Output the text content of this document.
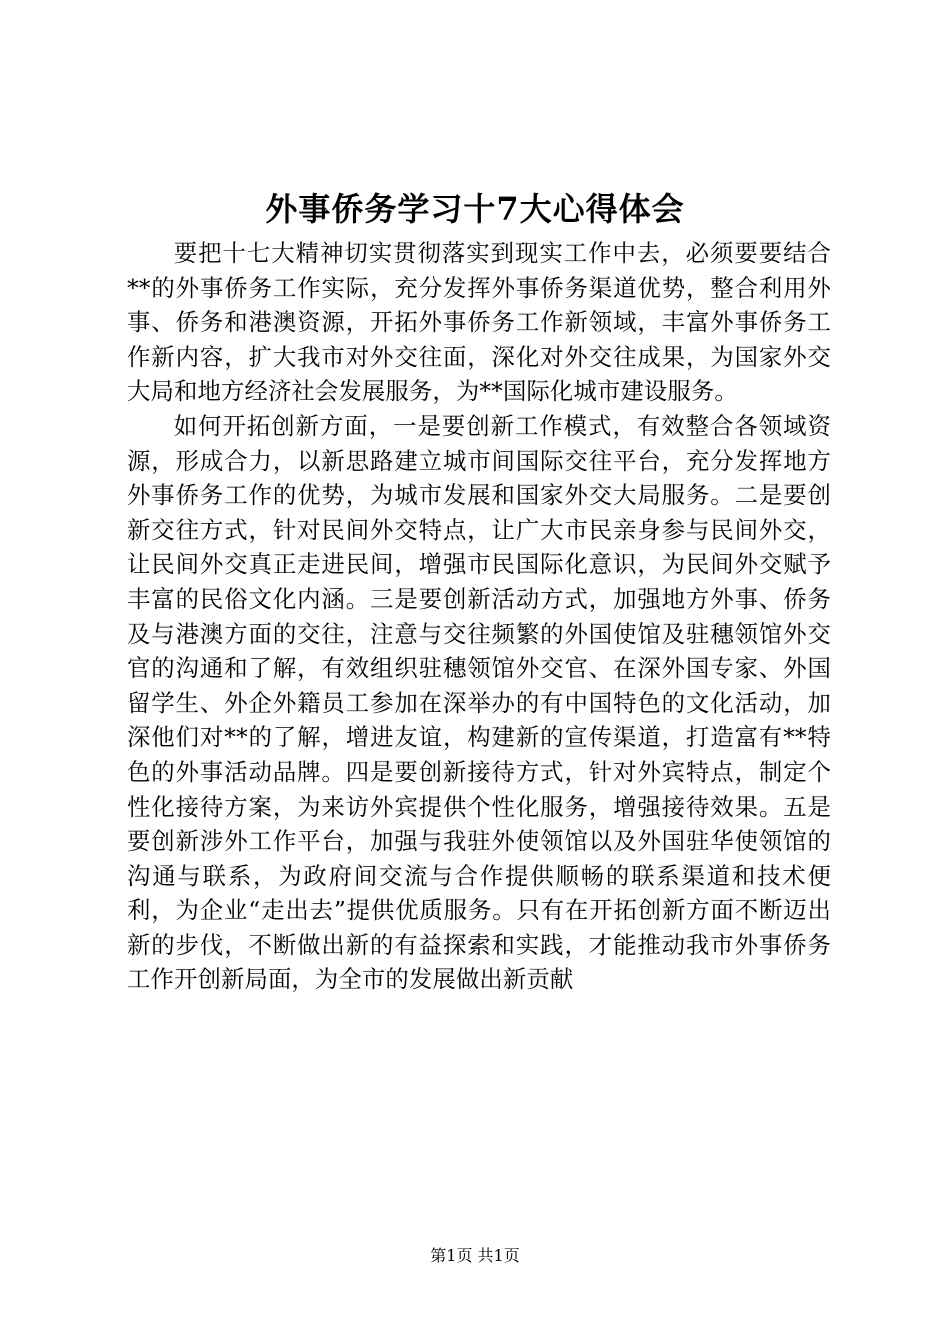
外事侨务学习十7大心得体会

要把十七大精神切实贯彻落实到现实工作中去，必须要要结合**的外事侨务工作实际，充分发挥外事侨务渠道优势，整合利用外事、侨务和港澳资源，开拓外事侨务工作新领域，丰富外事侨务工作新内容，扩大我市对外交往面，深化对外交往成果，为国家外交大局和地方经济社会发展服务，为**国际化城市建设服务。

如何开拓创新方面，一是要创新工作模式，有效整合各领域资源，形成合力，以新思路建立城市间国际交往平台，充分发挥地方外事侨务工作的优势，为城市发展和国家外交大局服务。二是要创新交往方式，针对民间外交特点，让广大市民亲身参与民间外交，让民间外交真正走进民间，增强市民国际化意识，为民间外交赋予丰富的民俗文化内涵。三是要创新活动方式，加强地方外事、侨务及与港澳方面的交往，注意与交往频繁的外国使馆及驻穗领馆外交官的沟通和了解，有效组织驻穗领馆外交官、在深外国专家、外国留学生、外企外籍员工参加在深举办的有中国特色的文化活动，加深他们对**的了解，增进友谊，构建新的宣传渠道，打造富有**特色的外事活动品牌。四是要创新接待方式，针对外宾特点，制定个性化接待方案，为来访外宾提供个性化服务，增强接待效果。五是要创新涉外工作平台，加强与我驻外使领馆以及外国驻华使领馆的沟通与联系，为政府间交流与合作提供顺畅的联系渠道和技术便利，为企业“走出去”提供优质服务。只有在开拓创新方面不断迈出新的步伐，不断做出新的有益探索和实践，才能推动我市外事侨务工作开创新局面，为全市的发展做出新贡献

第1页 共1页
